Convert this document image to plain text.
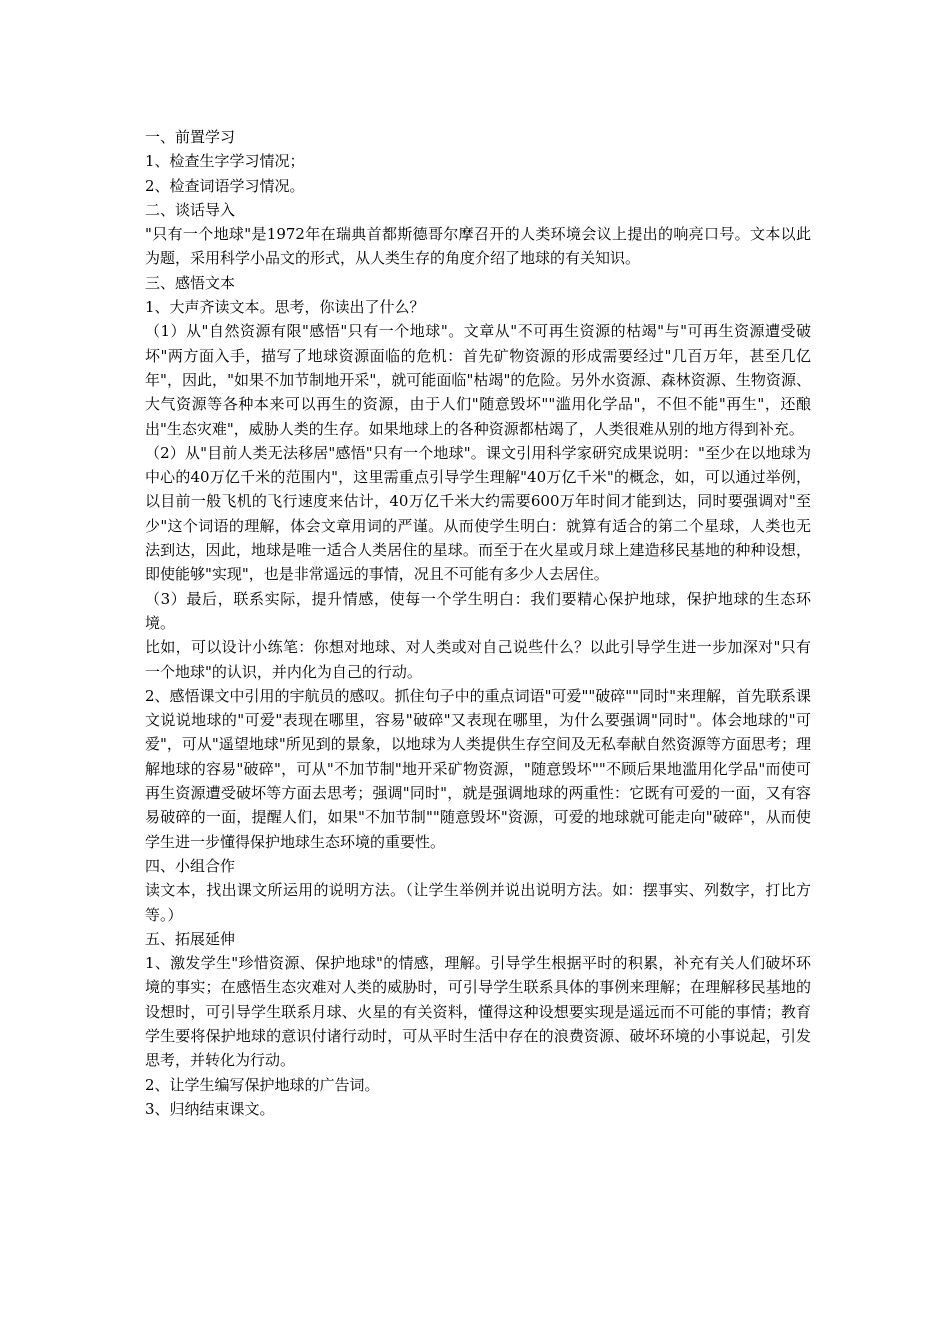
一、前置学习

1、检查生字学习情况；

2、检查词语学习情况。

二、谈话导入

"只有一个地球"是1972年在瑞典首都斯德哥尔摩召开的人类环境会议上提出的响亮口号。文本以此为题，采用科学小品文的形式，从人类生存的角度介绍了地球的有关知识。

三、感悟文本

1、大声齐读文本。思考，你读出了什么？

（1）从"自然资源有限"感悟"只有一个地球"。文章从"不可再生资源的枯竭"与"可再生资源遭受破坏"两方面入手，描写了地球资源面临的危机：首先矿物资源的形成需要经过"几百万年，甚至几亿年"，因此，"如果不加节制地开采"，就可能面临"枯竭"的危险。另外水资源、森林资源、生物资源、大气资源等各种本来可以再生的资源，由于人们"随意毁坏""滥用化学品"，不但不能"再生"，还酿出"生态灾难"，威胁人类的生存。如果地球上的各种资源都枯竭了，人类很难从别的地方得到补充。

（2）从"目前人类无法移居"感悟"只有一个地球"。课文引用科学家研究成果说明："至少在以地球为中心的40万亿千米的范围内"，这里需重点引导学生理解"40万亿千米"的概念，如，可以通过举例，以目前一般飞机的飞行速度来估计，40万亿千米大约需要600万年时间才能到达，同时要强调对"至少"这个词语的理解，体会文章用词的严谨。从而使学生明白：就算有适合的第二个星球，人类也无法到达，因此，地球是唯一适合人类居住的星球。而至于在火星或月球上建造移民基地的种种设想，即使能够"实现"，也是非常遥远的事情，况且不可能有多少人去居住。

（3）最后，联系实际，提升情感，使每一个学生明白：我们要精心保护地球，保护地球的生态环境。

比如，可以设计小练笔：你想对地球、对人类或对自己说些什么？以此引导学生进一步加深对"只有一个地球"的认识，并内化为自己的行动。

2、感悟课文中引用的宇航员的感叹。抓住句子中的重点词语"可爱""破碎""同时"来理解，首先联系课文说说地球的"可爱"表现在哪里，容易"破碎"又表现在哪里，为什么要强调"同时"。体会地球的"可爱"，可从"遥望地球"所见到的景象，以地球为人类提供生存空间及无私奉献自然资源等方面思考；理解地球的容易"破碎"，可从"不加节制"地开采矿物资源，"随意毁坏""不顾后果地滥用化学品"而使可再生资源遭受破坏等方面去思考；强调"同时"，就是强调地球的两重性：它既有可爱的一面，又有容易破碎的一面，提醒人们，如果"不加节制""随意毁坏"资源，可爱的地球就可能走向"破碎"，从而使学生进一步懂得保护地球生态环境的重要性。

四、小组合作

读文本，找出课文所运用的说明方法。（让学生举例并说出说明方法。如：摆事实、列数字，打比方等。）

五、拓展延伸

1、激发学生"珍惜资源、保护地球"的情感，理解。引导学生根据平时的积累，补充有关人们破坏环境的事实；在感悟生态灾难对人类的威胁时，可引导学生联系具体的事例来理解；在理解移民基地的设想时，可引导学生联系月球、火星的有关资料，懂得这种设想要实现是遥远而不可能的事情；教育学生要将保护地球的意识付诸行动时，可从平时生活中存在的浪费资源、破坏环境的小事说起，引发思考，并转化为行动。

2、让学生编写保护地球的广告词。

3、归纳结束课文。
